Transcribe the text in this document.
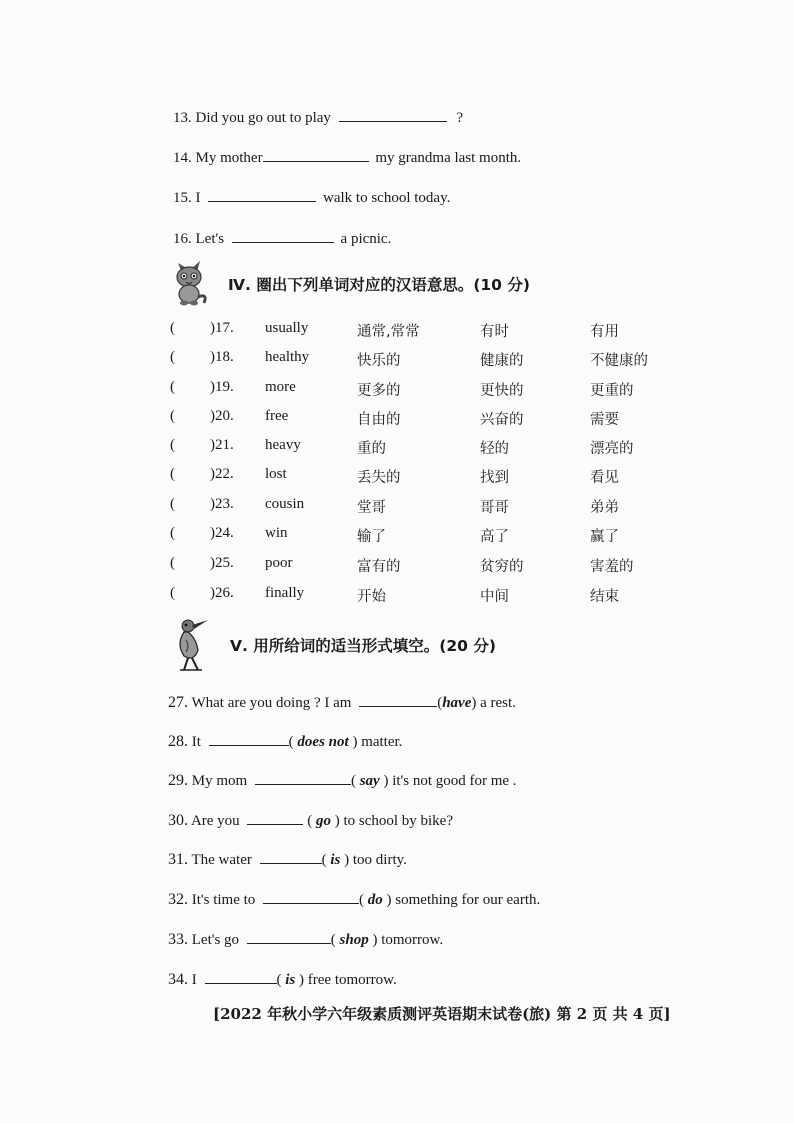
13. Did you go out to play	?
14. My mother	my grandma last month.
15. I	walk to school today.
16. Let's	a picnic.
Ⅳ. 圈出下列单词对应的汉语意思。(10 分)
( )17. usually	通常,常常	有时	有用
( )18. healthy	快乐的	健康的	不健康的
( )19. more	更多的	更快的	更重的
( )20. free	自由的	兴奋的	需要
( )21. heavy	重的	轻的	漂亮的
( )22. lost	丢失的	找到	看见
( )23. cousin	堂哥	哥哥	弟弟
( )24. win	输了	高了	赢了
( )25. poor	富有的	贫穷的	害羞的
( )26. finally	开始	中间	结束
Ⅴ. 用所给词的适当形式填空。(20 分)
27. What are you doing ? I am	(have) a rest.
28. It	( does not ) matter.
29. My mom	( say ) it's not good for me .
30. Are you	( go ) to school by bike?
31. The water	( is ) too dirty.
32. It's time to	( do ) something for our earth.
33. Let's go	( shop ) tomorrow.
34. I	( is ) free tomorrow.
[2022 年秋小学六年级素质测评英语期末试卷(旅) 第 2 页 共 4 页]
